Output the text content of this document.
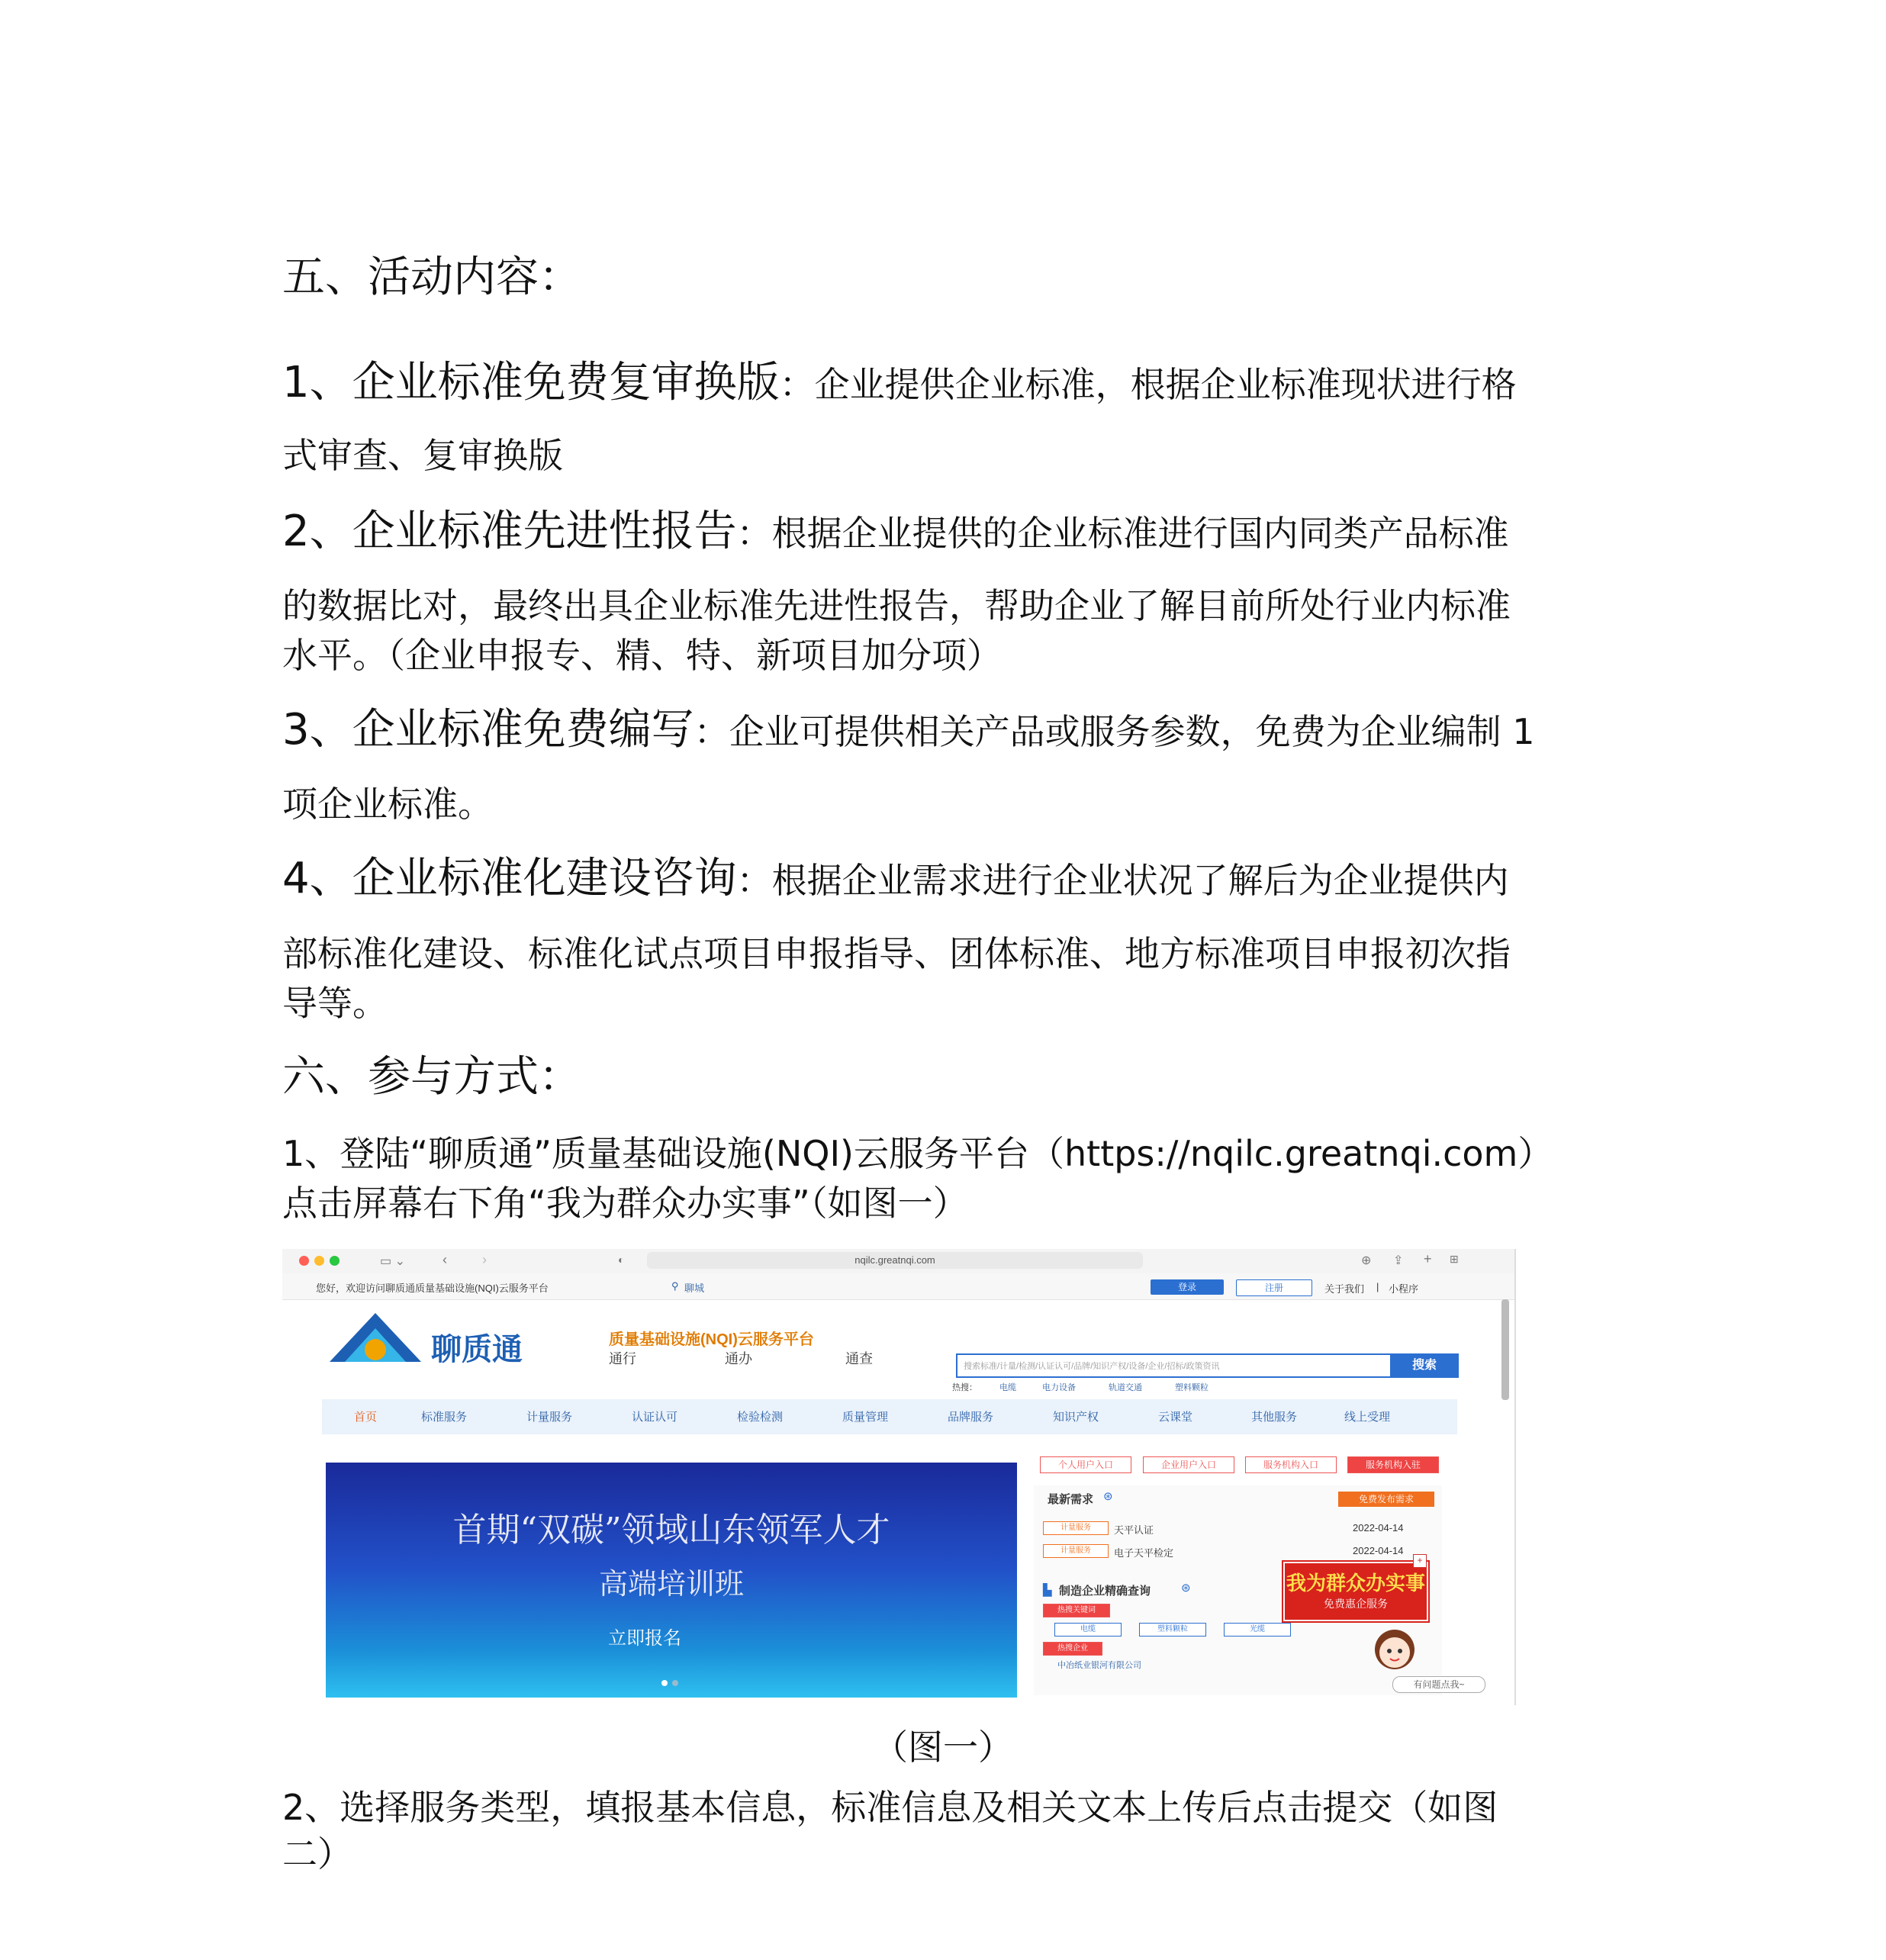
五、活动内容：
1、企业标准免费复审换版：企业提供企业标准，根据企业标准现状进行格
式审查、复审换版
2、企业标准先进性报告：根据企业提供的企业标准进行国内同类产品标准
的数据比对，最终出具企业标准先进性报告，帮助企业了解目前所处行业内标准
水平。（企业申报专、精、特、新项目加分项）
3、企业标准免费编写：企业可提供相关产品或服务参数，免费为企业编制 1
项企业标准。
4、企业标准化建设咨询：根据企业需求进行企业状况了解后为企业提供内
部标准化建设、标准化试点项目申报指导、团体标准、地方标准项目申报初次指
导等。
六、参与方式：
1、登陆“聊质通”质量基础设施(NQI)云服务平台（https://nqilc.greatnqi.com）
点击屏幕右下角“我为群众办实事”（如图一）
▭ ⌄	‹	›	◐	nqilc.greatnqi.com	⊕ ⇪ + ⊞
您好，欢迎访问聊质通质量基础设施(NQI)云服务平台	⚲ 聊城	登录	注册	关于我们 | 小程序
聊质通	质量基础设施(NQI)云服务平台
通行	通办	通查	搜索标准/计量/检测/认证认可/品牌/知识产权/设备/企业/招标/政策资讯	搜索
热搜：	电缆	电力设备	轨道交通	塑料颗粒
首页	标准服务	计量服务	认证认可	检验检测	质量管理	品牌服务	知识产权	云课堂	其他服务	线上受理
首期“双碳”领域山东领军人才
高端培训班
立即报名
个人用户入口	企业用户入口	服务机构入口	服务机构入驻
最新需求 ⊛	免费发布需求
计量服务	天平认证	2022-04-14
计量服务	电子天平检定	2022-04-14
▙ 制造企业精确查询	⊛
热搜关键词
电缆	塑料颗粒	光缆
热搜企业
中冶纸业银河有限公司
我为群众办实事
免费惠企服务
+
有问题点我~
（图一）
2、选择服务类型，填报基本信息，标准信息及相关文本上传后点击提交（如图
二）
